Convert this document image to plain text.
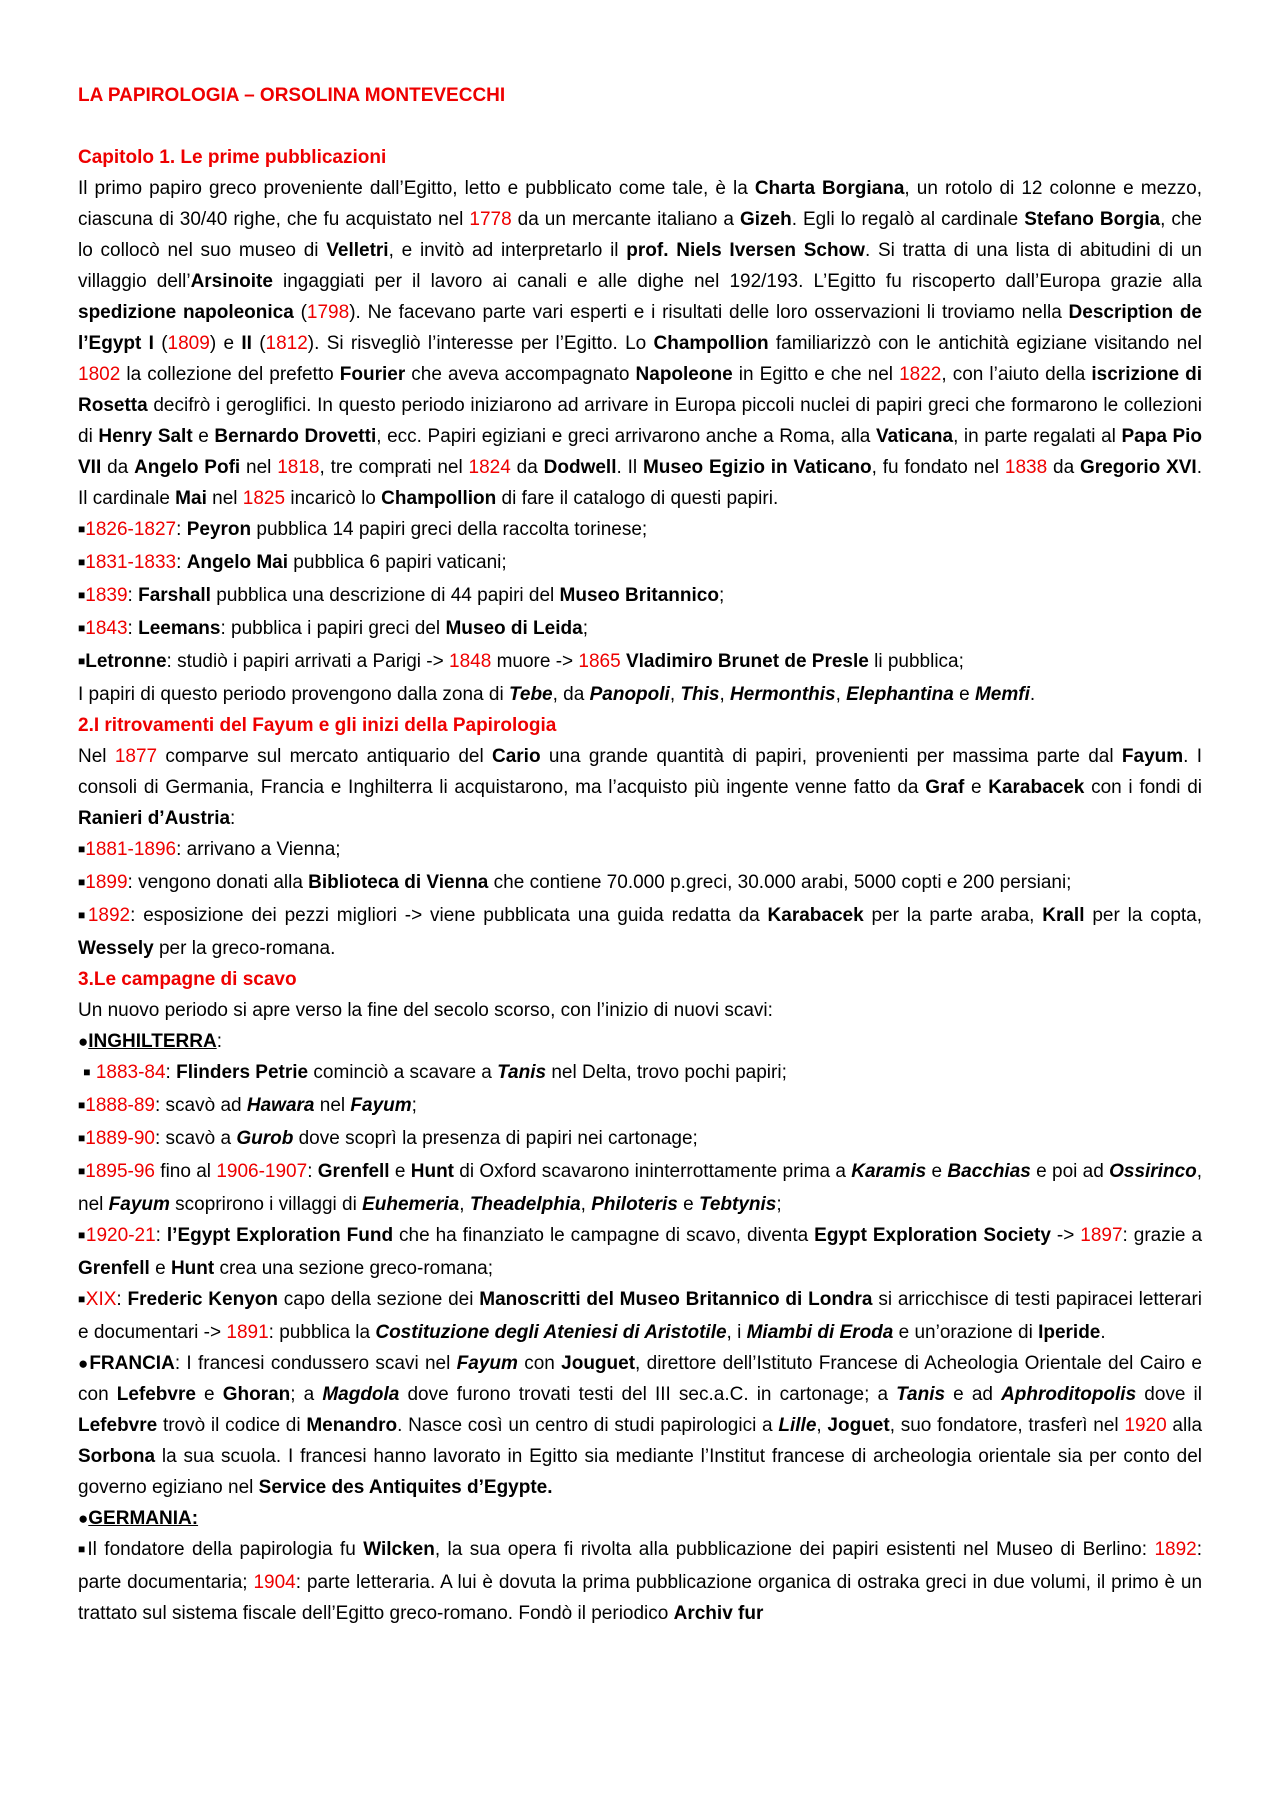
LA PAPIROLOGIA – ORSOLINA MONTEVECCHI
Capitolo 1. Le prime pubblicazioni

Il primo papiro greco proveniente dall’Egitto, letto e pubblicato come tale, è la Charta Borgiana, un rotolo di 12 colonne e mezzo, ciascuna di 30/40 righe, che fu acquistato nel 1778 da un mercante italiano a Gizeh. Egli lo regalò al cardinale Stefano Borgia, che lo collocò nel suo museo di Velletri, e invitò ad interpretarlo il prof. Niels Iversen Schow. Si tratta di una lista di abitudini di un villaggio dell’Arsinoite ingaggiati per il lavoro ai canali e alle dighe nel 192/193. L’Egitto fu riscoperto dall’Europa grazie alla spedizione napoleonica (1798). Ne facevano parte vari esperti e i risultati delle loro osservazioni li troviamo nella Description de l’Egypt I (1809) e II (1812). Si risvegliò l’interesse per l’Egitto. Lo Champollion familiarizzò con le antichità egiziane visitando nel 1802 la collezione del prefetto Fourier che aveva accompagnato Napoleone in Egitto e che nel 1822, con l’aiuto della iscrizione di Rosetta decifrò i geroglifici. In questo periodo iniziarono ad arrivare in Europa piccoli nuclei di papiri greci che formarono le collezioni di Henry Salt e Bernardo Drovetti, ecc. Papiri egiziani e greci arrivarono anche a Roma, alla Vaticana, in parte regalati al Papa Pio VII da Angelo Pofi nel 1818, tre comprati nel 1824 da Dodwell. Il Museo Egizio in Vaticano, fu fondato nel 1838 da Gregorio XVI. Il cardinale Mai nel 1825 incaricò lo Champollion di fare il catalogo di questi papiri.

■1826-1827: Peyron pubblica 14 papiri greci della raccolta torinese;

■1831-1833: Angelo Mai pubblica 6 papiri vaticani;

■1839: Farshall pubblica una descrizione di 44 papiri del Museo Britannico;

■1843: Leemans: pubblica i papiri greci del Museo di Leida;

■Letronne: studiò i papiri arrivati a Parigi -> 1848 muore -> 1865 Vladimiro Brunet de Presle li pubblica;

I papiri di questo periodo provengono dalla zona di Tebe, da Panopoli, This, Hermonthis, Elephantina e Memfi.

2.I ritrovamenti del Fayum e gli inizi della Papirologia

Nel 1877 comparve sul mercato antiquario del Cario una grande quantità di papiri, provenienti per massima parte dal Fayum. I consoli di Germania, Francia e Inghilterra li acquistarono, ma l’acquisto più ingente venne fatto da Graf e Karabacek con i fondi di Ranieri d’Austria:

■1881-1896: arrivano a Vienna;

■1899: vengono donati alla Biblioteca di Vienna che contiene 70.000 p.greci, 30.000 arabi, 5000 copti e 200 persiani;

■1892: esposizione dei pezzi migliori -> viene pubblicata una guida redatta da Karabacek per la parte araba, Krall per la copta, Wessely per la greco-romana.

3.Le campagne di scavo

Un nuovo periodo si apre verso la fine del secolo scorso, con l’inizio di nuovi scavi:

●INGHILTERRA:

■ 1883-84: Flinders Petrie cominciò a scavare a Tanis nel Delta, trovo pochi papiri;

■1888-89: scavò ad Hawara nel Fayum;

■1889-90: scavò a Gurob dove scoprì la presenza di papiri nei cartonage;

■1895-96 fino al 1906-1907: Grenfell e Hunt di Oxford scavarono ininterrottamente prima a Karamis e Bacchias e poi ad Ossirinco, nel Fayum scoprirono i villaggi di Euhemeria, Theadelphia, Philoteris e Tebtynis;

■1920-21: l’Egypt Exploration Fund che ha finanziato le campagne di scavo, diventa Egypt Exploration Society -> 1897: grazie a Grenfell e Hunt crea una sezione greco-romana;

■XIX: Frederic Kenyon capo della sezione dei Manoscritti del Museo Britannico di Londra si arricchisce di testi papiracei letterari e documentari -> 1891: pubblica la Costituzione degli Ateniesi di Aristotile, i Miambi di Eroda e un’orazione di Iperide.

●FRANCIA: I francesi condussero scavi nel Fayum con Jouguet, direttore dell’Istituto Francese di Acheologia Orientale del Cairo e con Lefebvre e Ghoran; a Magdola dove furono trovati testi del III sec.a.C. in cartonage; a Tanis e ad Aphroditopolis dove il Lefebvre trovò il codice di Menandro. Nasce così un centro di studi papirologici a Lille, Joguet, suo fondatore, trasferì nel 1920 alla Sorbona la sua scuola. I francesi hanno lavorato in Egitto sia mediante l’Institut francese di archeologia orientale sia per conto del governo egiziano nel Service des Antiquites d’Egypte.

●GERMANIA:

■Il fondatore della papirologia fu Wilcken, la sua opera fi rivolta alla pubblicazione dei papiri esistenti nel Museo di Berlino: 1892: parte documentaria; 1904: parte letteraria. A lui è dovuta la prima pubblicazione organica di ostraka greci in due volumi, il primo è un trattato sul sistema fiscale dell’Egitto greco-romano. Fondò il periodico Archiv fur
